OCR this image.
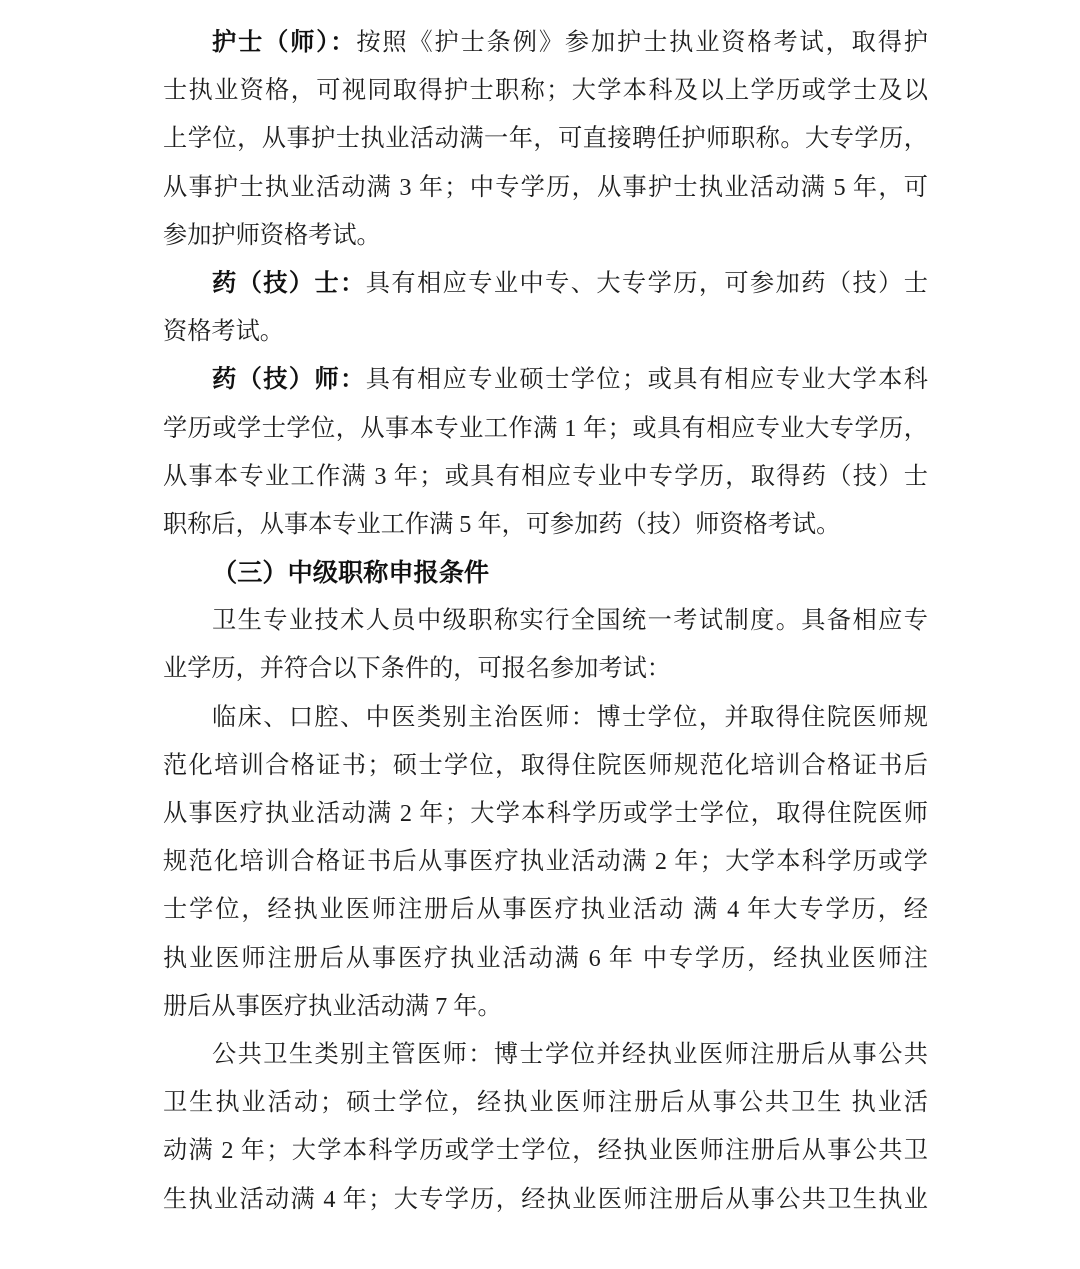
护士（师）：按照《护士条例》参加护士执业资格考试，取得护
士执业资格，可视同取得护士职称；大学本科及以上学历或学士及以
上学位，从事护士执业活动满一年，可直接聘任护师职称。大专学历，
从事护士执业活动满 3 年；中专学历，从事护士执业活动满 5 年，可
参加护师资格考试。
药（技）士：具有相应专业中专、大专学历，可参加药（技）士
资格考试。
药（技）师：具有相应专业硕士学位；或具有相应专业大学本科
学历或学士学位，从事本专业工作满 1 年；或具有相应专业大专学历，
从事本专业工作满 3 年；或具有相应专业中专学历，取得药（技）士
职称后，从事本专业工作满 5 年，可参加药（技）师资格考试。
（三）中级职称申报条件
卫生专业技术人员中级职称实行全国统一考试制度。具备相应专
业学历，并符合以下条件的，可报名参加考试：
临床、口腔、中医类别主治医师：博士学位，并取得住院医师规
范化培训合格证书；硕士学位，取得住院医师规范化培训合格证书后
从事医疗执业活动满 2 年；大学本科学历或学士学位，取得住院医师
规范化培训合格证书后从事医疗执业活动满 2 年；大学本科学历或学
士学位，经执业医师注册后从事医疗执业活动 满 4 年大专学历，经
执业医师注册后从事医疗执业活动满 6 年 中专学历，经执业医师注
册后从事医疗执业活动满 7 年。
公共卫生类别主管医师：博士学位并经执业医师注册后从事公共
卫生执业活动；硕士学位，经执业医师注册后从事公共卫生 执业活
动满 2 年；大学本科学历或学士学位，经执业医师注册后从事公共卫
生执业活动满 4 年；大专学历，经执业医师注册后从事公共卫生执业
